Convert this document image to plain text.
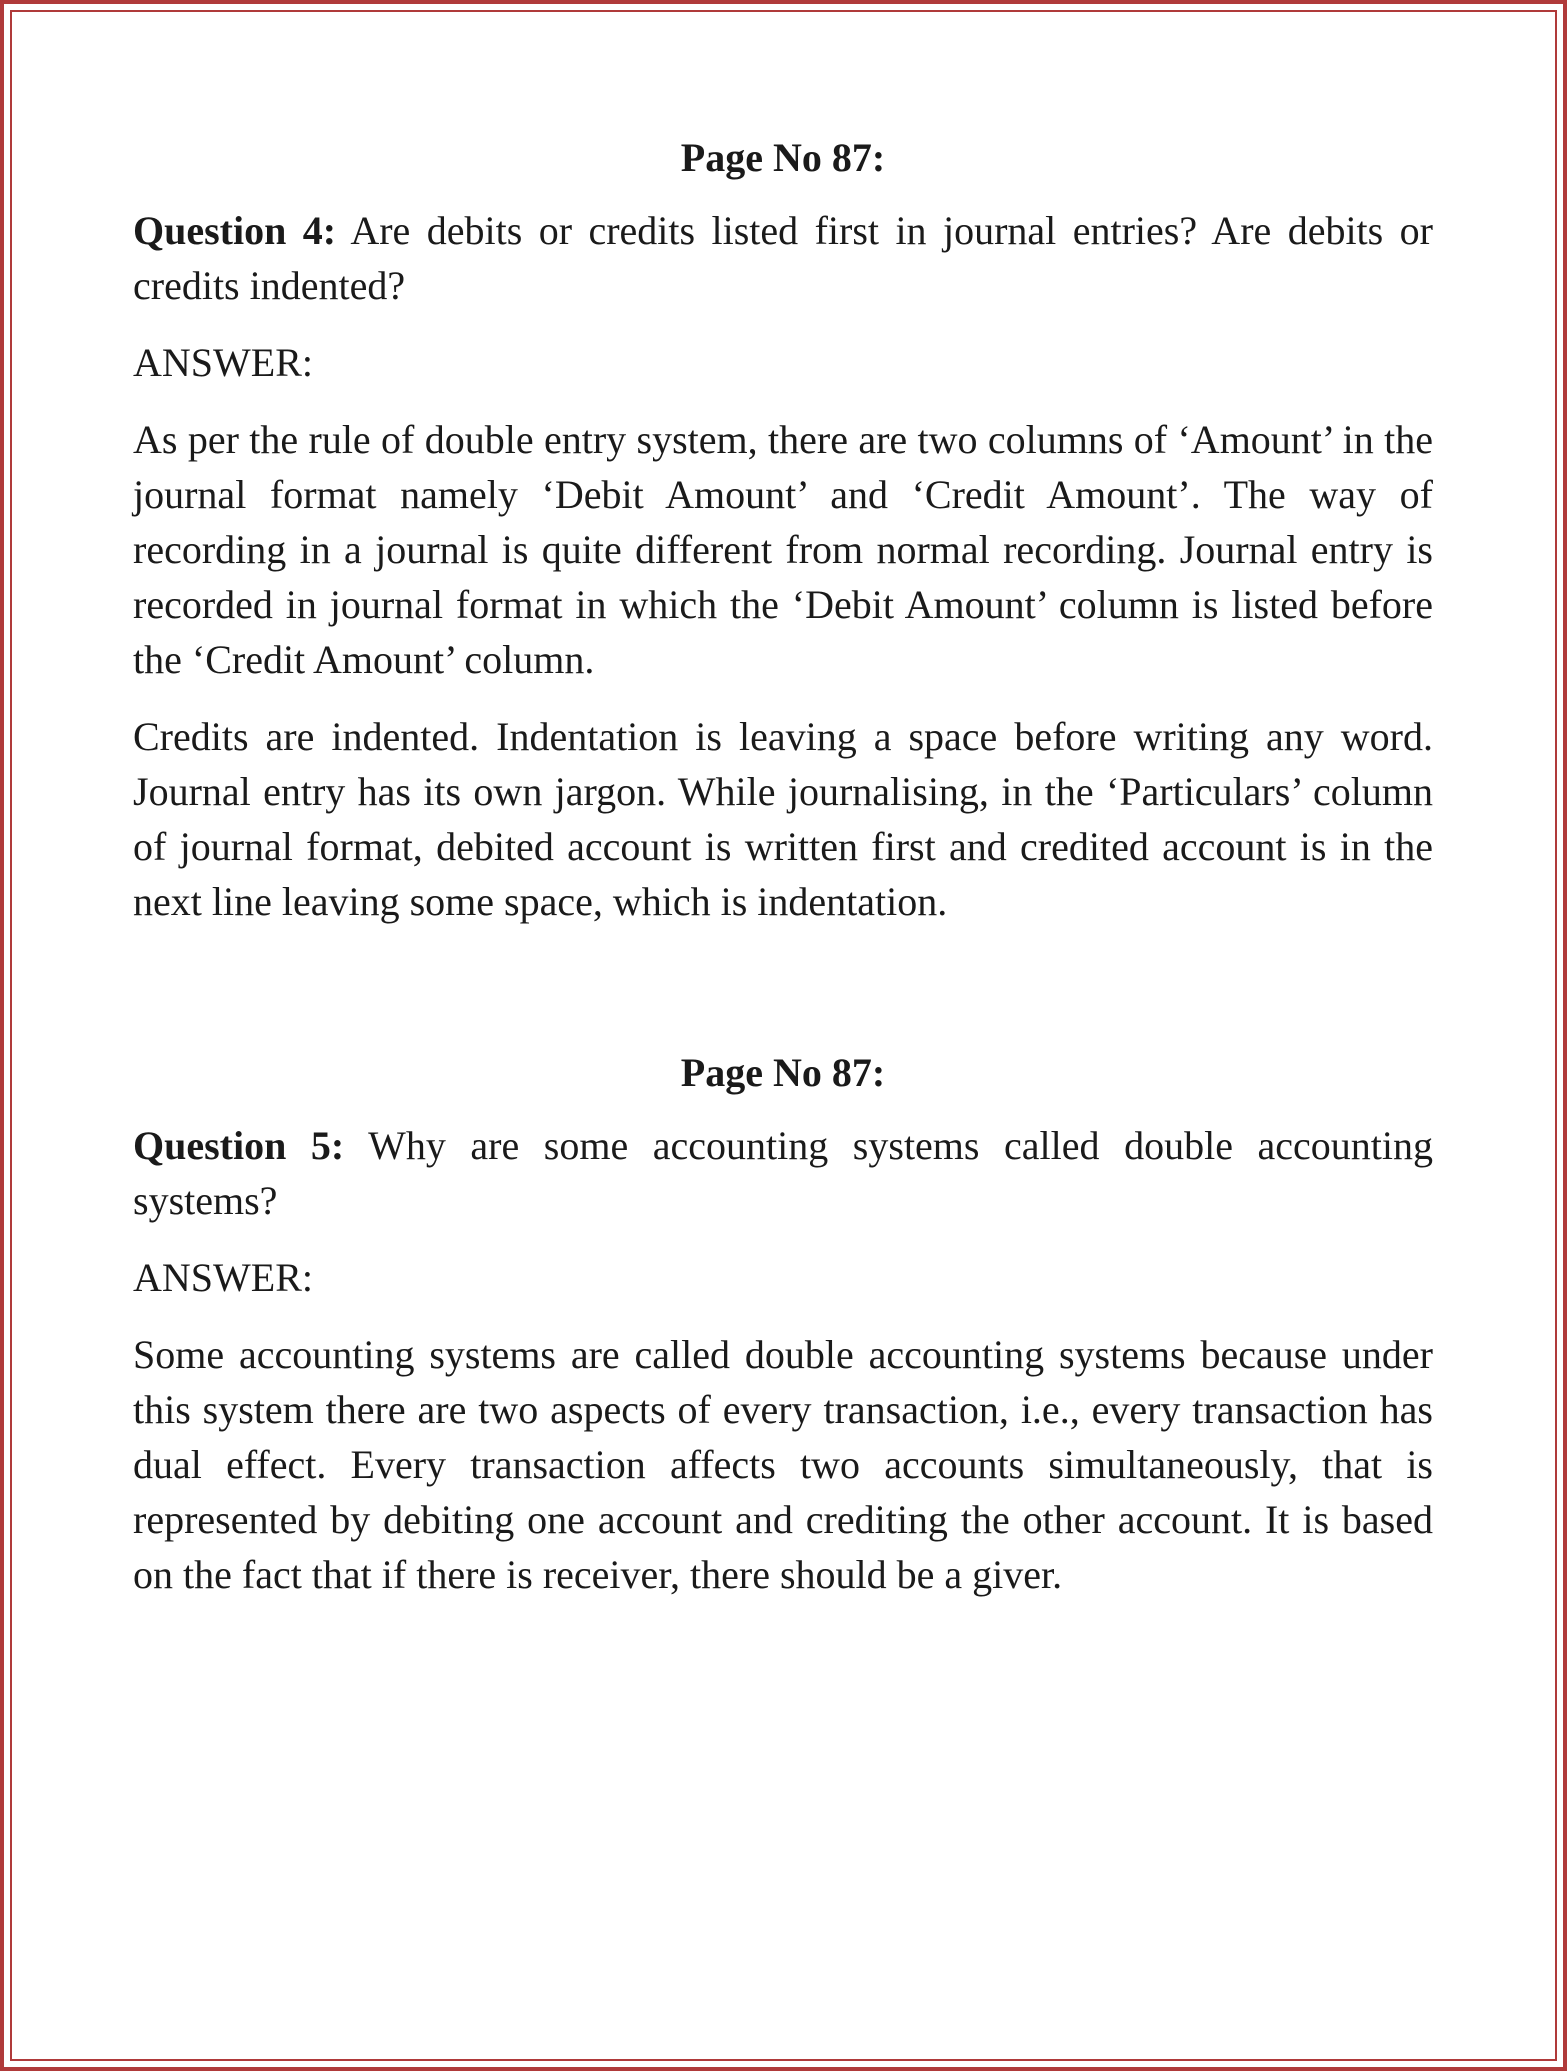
Page No 87:
Question 4: Are debits or credits listed first in journal entries? Are debits or credits indented?
ANSWER:
As per the rule of double entry system, there are two columns of ‘Amount’ in the journal format namely ‘Debit Amount’ and ‘Credit Amount’. The way of recording in a journal is quite different from normal recording. Journal entry is recorded in journal format in which the ‘Debit Amount’ column is listed before the ‘Credit Amount’ column.
Credits are indented. Indentation is leaving a space before writing any word. Journal entry has its own jargon. While journalising, in the ‘Particulars’ column of journal format, debited account is written first and credited account is in the next line leaving some space, which is indentation.
Page No 87:
Question 5: Why are some accounting systems called double accounting systems?
ANSWER:
Some accounting systems are called double accounting systems because under this system there are two aspects of every transaction, i.e., every transaction has dual effect. Every transaction affects two accounts simultaneously, that is represented by debiting one account and crediting the other account. It is based on the fact that if there is receiver, there should be a giver.
